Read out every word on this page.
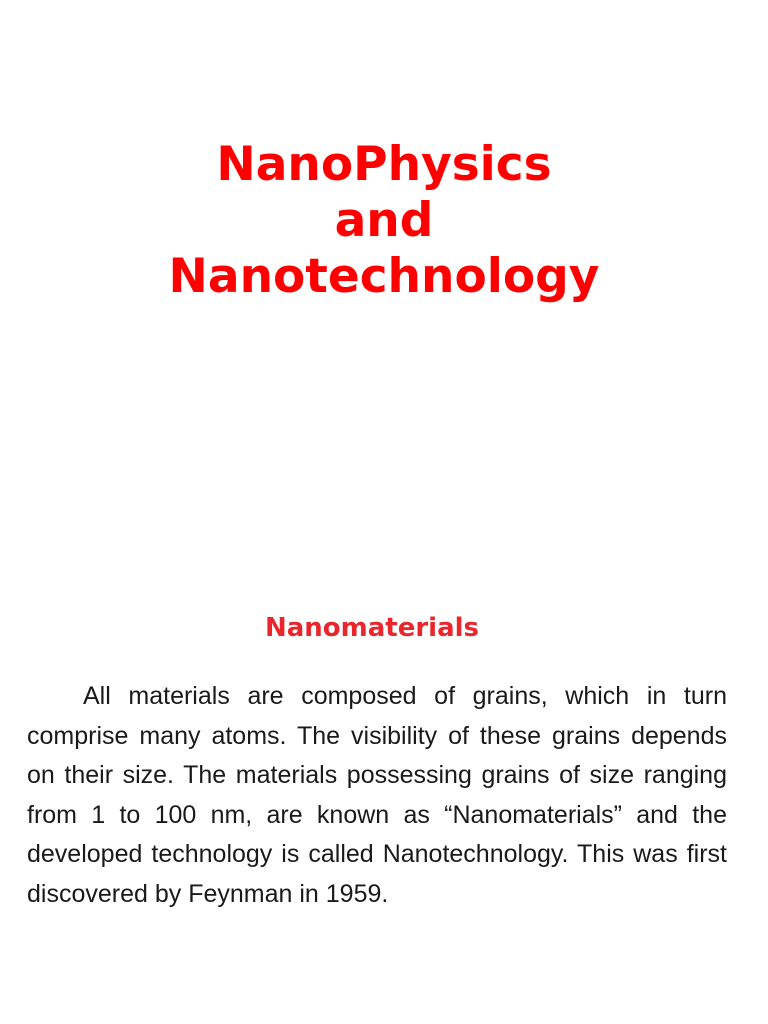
NanoPhysics
and
Nanotechnology
Nanomaterials

All materials are composed of grains, which in turn comprise many atoms. The visibility of these grains depends on their size. The materials possessing grains of size ranging from 1 to 100 nm, are known as “Nanomaterials” and the developed technology is called Nanotechnology. This was first discovered by Feynman in 1959.
